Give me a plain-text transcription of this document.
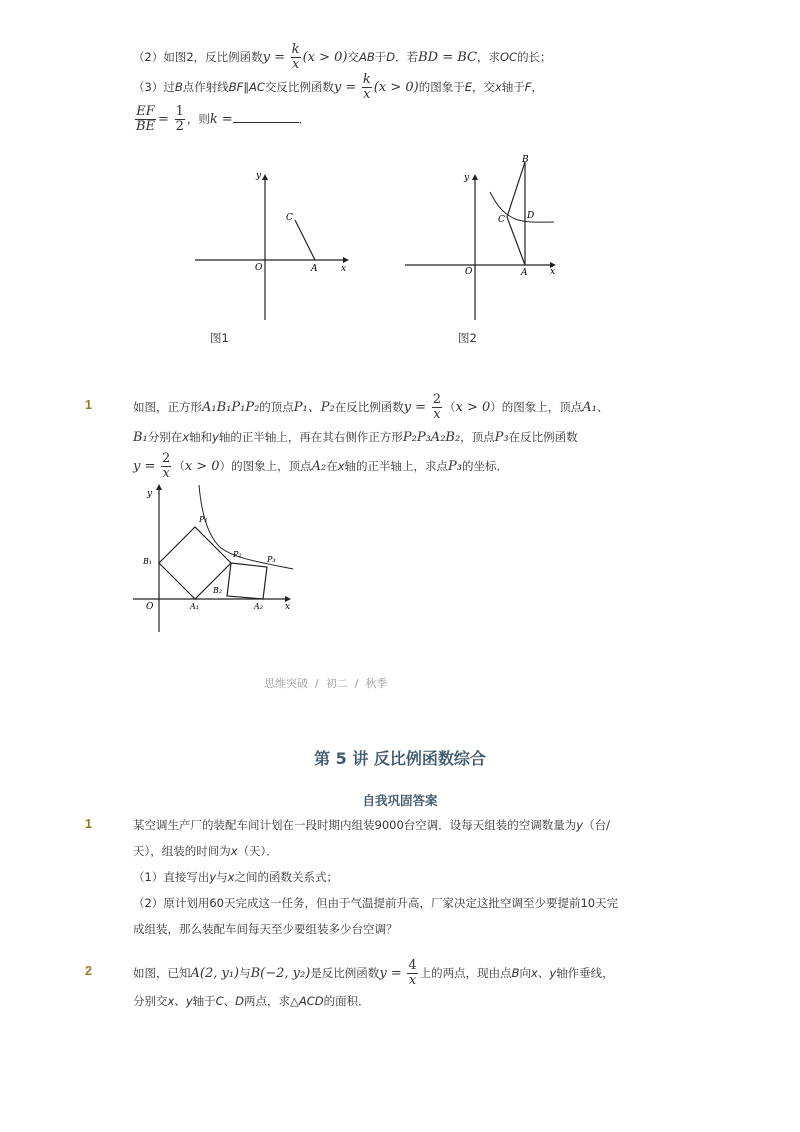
（2）如图2，反比例函数$y = \frac{k}{x} (x > 0)$交AB于D．若BD = BC，求OC的长；
（3）过B点作射线BF∥AC交反比例函数$y = \frac{k}{x} (x > 0)$的图象于E，交x轴于F，
$\frac{EF}{BE} = \frac{1}{2}$ ，则k =	．
y
x
O	A
C
图1
y
x
O	A
B
C D
图2
1	如图，正方形A₁B₁P₁P₂的顶点P₁、P₂在反比例函数$y = \frac{2}{x} (x > 0)$的图象上，顶点A₁、
B₁分别在x轴和y轴的正半轴上，再在其右侧作正方形P₂P₃A₂B₂，顶点P₃在反比例函数
$y = \frac{2}{x} (x > 0)$的图象上，顶点A₂在x轴的正半轴上，求点P₃的坐标．
y
x
O	A₁	A₂
B₁
B₂
P₁
P₂
P₃
思维突破 / 初二 / 秋季
第 5 讲 反比例函数综合
自我巩固答案
1	某空调生产厂的装配车间计划在一段时期内组装9000台空调．设每天组装的空调数量为y（台/
天），组装的时间为x（天）．
（1）直接写出y与x之间的函数关系式；
（2）原计划用60天完成这一任务，但由于气温提前升高，厂家决定这批空调至少要提前10天完
成组装，那么装配车间每天至少要组装多少台空调？
2	如图，已知A(2, y₁)与B(−2, y₂)是反比例函数$y = \frac{4}{x}$ 上的两点，现由点B向x、y轴作垂线，
分别交x、y轴于C、D两点，求△ACD的面积．
